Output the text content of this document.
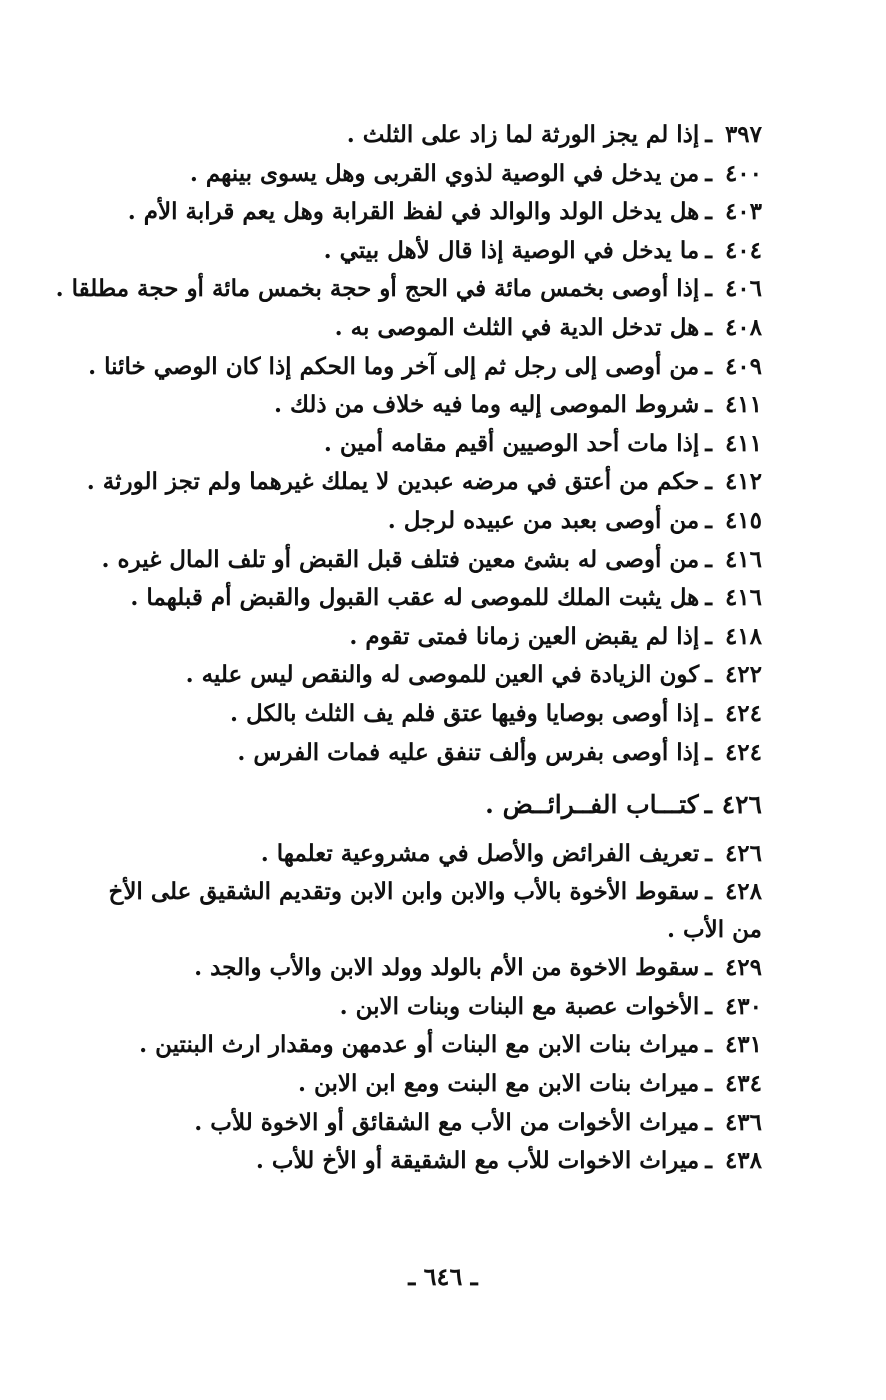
٣٩٧ـإذا لم يجز الورثة لما زاد على الثلث .
٤٠٠ـمن يدخل في الوصية لذوي القربى وهل يسوى بينهم .
٤٠٣ـهل يدخل الولد والوالد في لفظ القرابة وهل يعم قرابة الأم .
٤٠٤ـما يدخل في الوصية إذا قال لأهل بيتي .
٤٠٦ـإذا أوصى بخمس مائة في الحج أو حجة بخمس مائة أو حجة مطلقا .
٤٠٨ـهل تدخل الدية في الثلث الموصى به .
٤٠٩ـمن أوصى إلى رجل ثم إلى آخر وما الحكم إذا كان الوصي خائنا .
٤١١ـشروط الموصى إليه وما فيه خلاف من ذلك .
٤١١ـإذا مات أحد الوصيين أقيم مقامه أمين .
٤١٢ـحكم من أعتق في مرضه عبدين لا يملك غيرهما ولم تجز الورثة .
٤١٥ـمن أوصى بعبد من عبيده لرجل .
٤١٦ـمن أوصى له بشئ معين فتلف قبل القبض أو تلف المال غيره .
٤١٦ـهل يثبت الملك للموصى له عقب القبول والقبض أم قبلهما .
٤١٨ـإذا لم يقبض العين زمانا فمتى تقوم .
٤٢٢ـكون الزيادة في العين للموصى له والنقص ليس عليه .
٤٢٤ـإذا أوصى بوصايا وفيها عتق فلم يف الثلث بالكل .
٤٢٤ـإذا أوصى بفرس وألف تنفق عليه فمات الفرس .
٤٢٦ـكتـــاب الفــرائــض .
٤٢٦ـتعريف الفرائض والأصل في مشروعية تعلمها .
٤٢٨ـسقوط الأخوة بالأب والابن وابن الابن وتقديم الشقيق على الأخ من الأب .
٤٢٩ـسقوط الاخوة من الأم بالولد وولد الابن والأب والجد .
٤٣٠ـالأخوات عصبة مع البنات وبنات الابن .
٤٣١ـميراث بنات الابن مع البنات أو عدمهن ومقدار ارث البنتين .
٤٣٤ـميراث بنات الابن مع البنت ومع ابن الابن .
٤٣٦ـميراث الأخوات من الأب مع الشقائق أو الاخوة للأب .
٤٣٨ـميراث الاخوات للأب مع الشقيقة أو الأخ للأب .
ـ ٦٤٦ ـ
